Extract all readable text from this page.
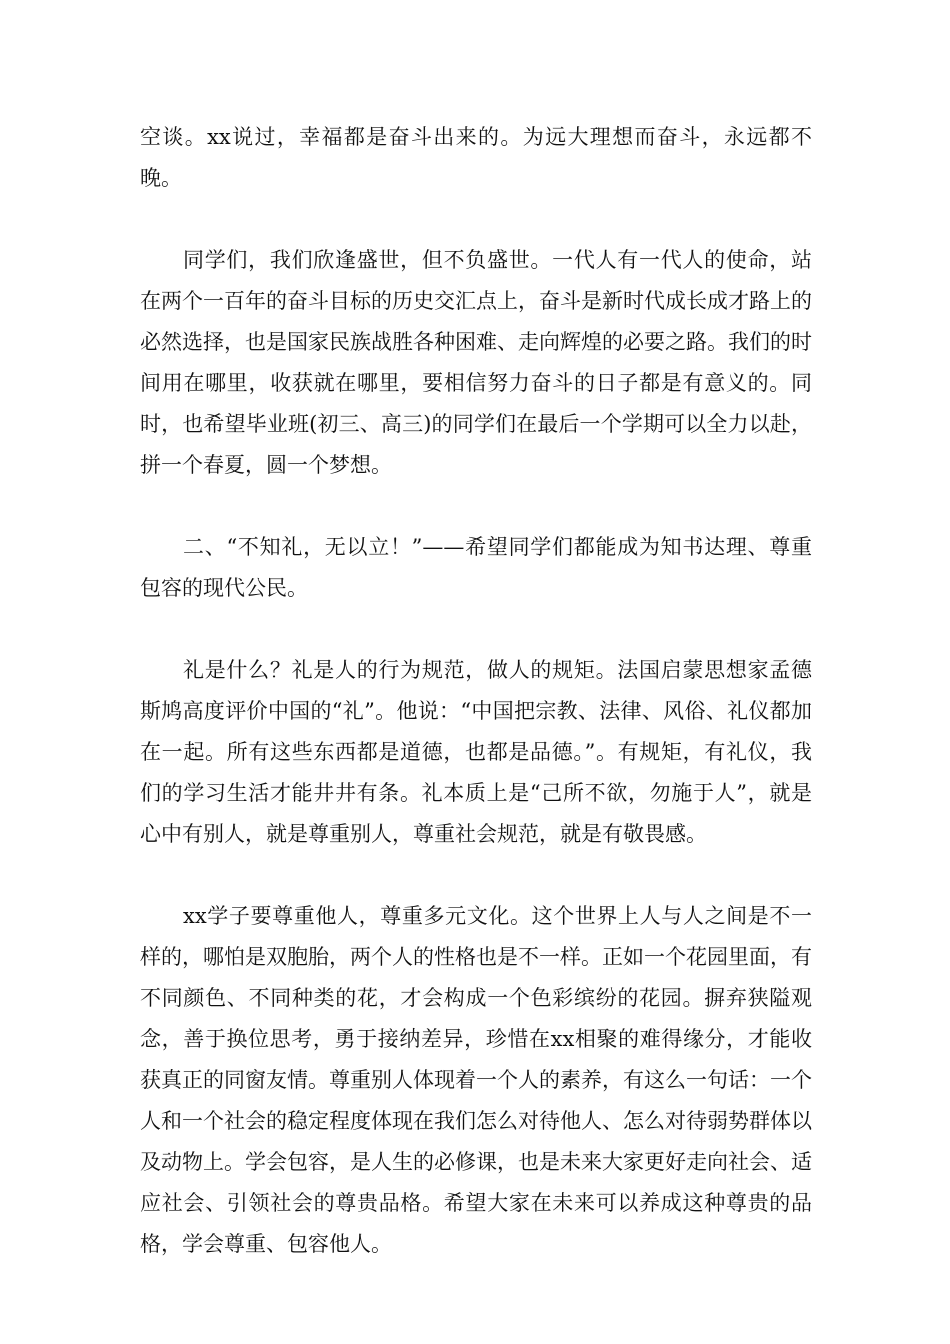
空谈。xx说过，幸福都是奋斗出来的。为远大理想而奋斗，永远都不晚。

同学们，我们欣逢盛世，但不负盛世。一代人有一代人的使命，站在两个一百年的奋斗目标的历史交汇点上，奋斗是新时代成长成才路上的必然选择，也是国家民族战胜各种困难、走向辉煌的必要之路。我们的时间用在哪里，收获就在哪里，要相信努力奋斗的日子都是有意义的。同时，也希望毕业班(初三、高三)的同学们在最后一个学期可以全力以赴，拼一个春夏，圆一个梦想。

二、“不知礼，无以立！”——希望同学们都能成为知书达理、尊重包容的现代公民。

礼是什么？礼是人的行为规范，做人的规矩。法国启蒙思想家孟德斯鸠高度评价中国的“礼”。他说：“中国把宗教、法律、风俗、礼仪都加在一起。所有这些东西都是道德，也都是品德。”。有规矩，有礼仪，我们的学习生活才能井井有条。礼本质上是“己所不欲，勿施于人”，就是心中有别人，就是尊重别人，尊重社会规范，就是有敬畏感。

xx学子要尊重他人，尊重多元文化。这个世界上人与人之间是不一样的，哪怕是双胞胎，两个人的性格也是不一样。正如一个花园里面，有不同颜色、不同种类的花，才会构成一个色彩缤纷的花园。摒弃狭隘观念，善于换位思考，勇于接纳差异，珍惜在xx相聚的难得缘分，才能收获真正的同窗友情。尊重别人体现着一个人的素养，有这么一句话：一个人和一个社会的稳定程度体现在我们怎么对待他人、怎么对待弱势群体以及动物上。学会包容，是人生的必修课，也是未来大家更好走向社会、适应社会、引领社会的尊贵品格。希望大家在未来可以养成这种尊贵的品格，学会尊重、包容他人。
